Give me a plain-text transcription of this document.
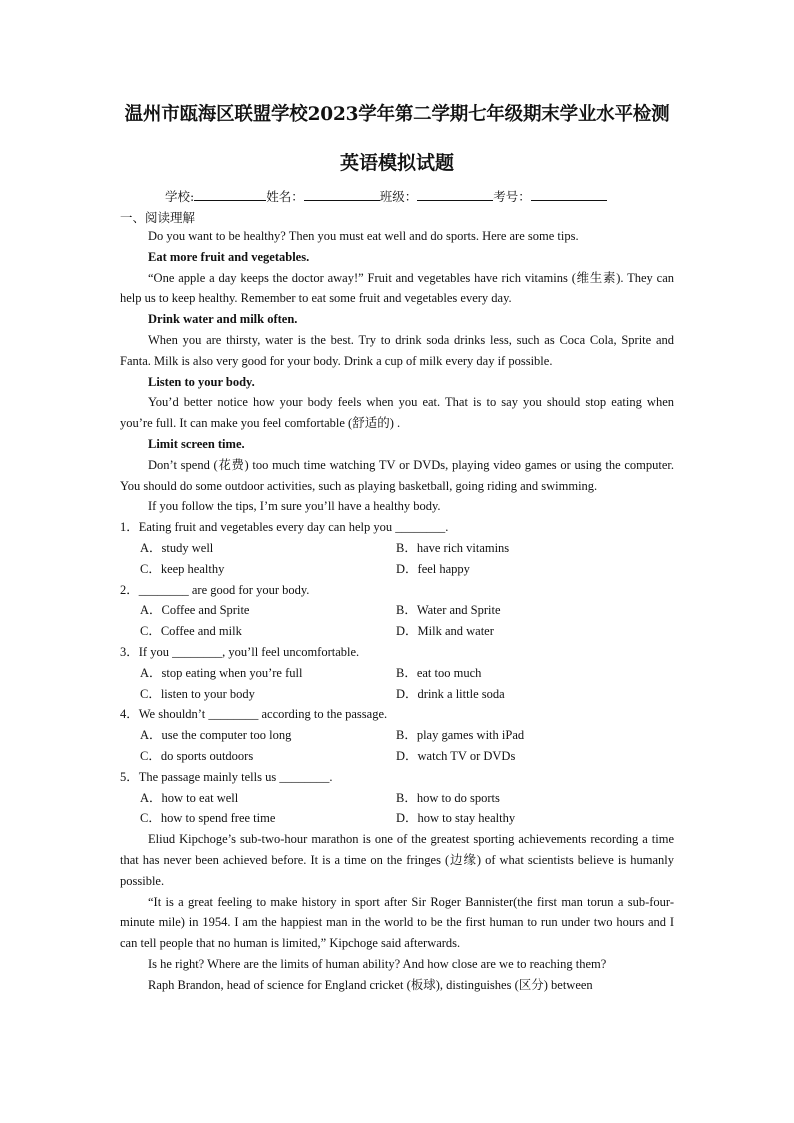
温州市瓯海区联盟学校2023学年第二学期七年级期末学业水平检测
英语模拟试题
学校:	姓名：	班级：	考号：
一、阅读理解

Do you want to be healthy? Then you must eat well and do sports. Here are some tips.

Eat more fruit and vegetables.

“One apple a day keeps the doctor away!” Fruit and vegetables have rich vitamins (维生素). They can help us to keep healthy. Remember to eat some fruit and vegetables every day.

Drink water and milk often.

When you are thirsty, water is the best. Try to drink soda drinks less, such as Coca Cola, Sprite and Fanta. Milk is also very good for your body. Drink a cup of milk every day if possible.

Listen to your body.

You’d better notice how your body feels when you eat. That is to say you should stop eating when you’re full. It can make you feel comfortable (舒适的) .

Limit screen time.

Don’t spend (花费) too much time watching TV or DVDs, playing video games or using the computer. You should do some outdoor activities, such as playing basketball, going riding and swimming.

If you follow the tips, I’m sure you’ll have a healthy body.

1．Eating fruit and vegetables every day can help you ________.
A．study well	B．have rich vitamins
C．keep healthy	D．feel happy
2．________ are good for your body.
A．Coffee and Sprite	B．Water and Sprite
C．Coffee and milk	D．Milk and water
3．If you ________, you’ll feel uncomfortable.
A．stop eating when you’re full	B．eat too much
C．listen to your body	D．drink a little soda
4．We shouldn’t ________ according to the passage.
A．use the computer too long	B．play games with iPad
C．do sports outdoors	D．watch TV or DVDs
5．The passage mainly tells us ________.
A．how to eat well	B．how to do sports
C．how to spend free time	D．how to stay healthy

Eliud Kipchoge’s sub-two-hour marathon is one of the greatest sporting achievements recording a time that has never been achieved before. It is a time on the fringes (边缘) of what scientists believe is humanly possible.

“It is a great feeling to make history in sport after Sir Roger Bannister(the first man torun a sub-four-minute mile) in 1954. I am the happiest man in the world to be the first human to run under two hours and I can tell people that no human is limited,” Kipchoge said afterwards.

Is he right? Where are the limits of human ability? And how close are we to reaching them?

Raph Brandon, head of science for England cricket (板球), distinguishes (区分) between
